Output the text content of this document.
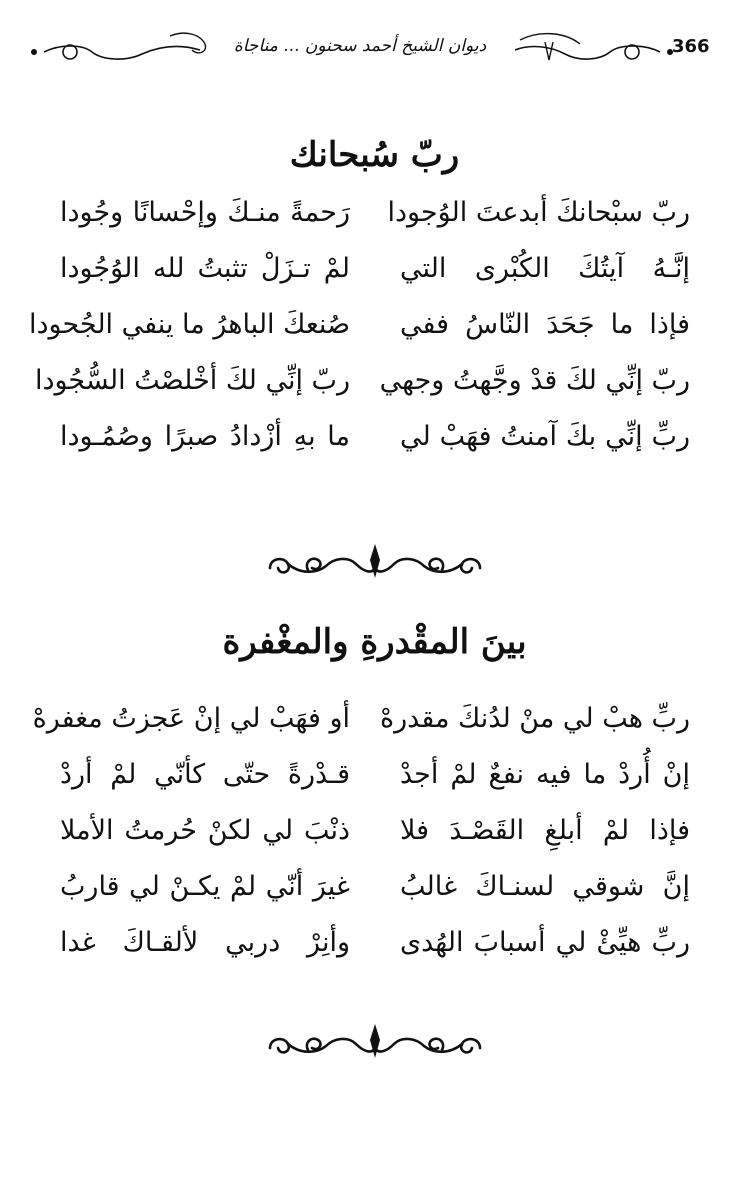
366
ديوان الشيخ أحمد سحنون ... مناجاة
ربّ سُبحانك
ربّ سبْحانكَ أبدعتَ الوُجودا
رَحمةً منـكَ وإحْسانًا وجُودا
إنَّـهُ آيتُكَ الكُبْرى التي
لمْ تـزَلْ تثبتُ لله الوُجُودا
فإذا ما جَحَدَ النّاسُ ففي
صُنعكَ الباهرُ ما ينفي الجُحودا
ربّ إنِّي لكَ قدْ وجَّهتُ وجهي
ربّ إنِّي لكَ أخْلصْتُ السُّجُودا
ربِّ إنِّي بكَ آمنتُ فهَبْ لي
ما بهِ أزْدادُ صبرًا وصُمُـودا
بينَ المقْدرةِ والمغْفرة
ربِّ هبْ لي منْ لدُنكَ مقدرهْ
أو فهَبْ لي إنْ عَجزتُ مغفرهْ
إنْ أُردْ ما فيه نفعٌ لمْ أجدْ
قـدْرةً حتّى كأنّي لمْ أردْ
فإذا لمْ أبلغِ القَصْـدَ فلا
ذنْبَ لي لكنْ حُرمتُ الأملا
إنَّ شوقي لسنـاكَ غالبُ
غيرَ أنّي لمْ يكـنْ لي قاربُ
ربِّ هيِّئْ لي أسبابَ الهُدى
وأنِرْ دربي لألقـاكَ غدا
